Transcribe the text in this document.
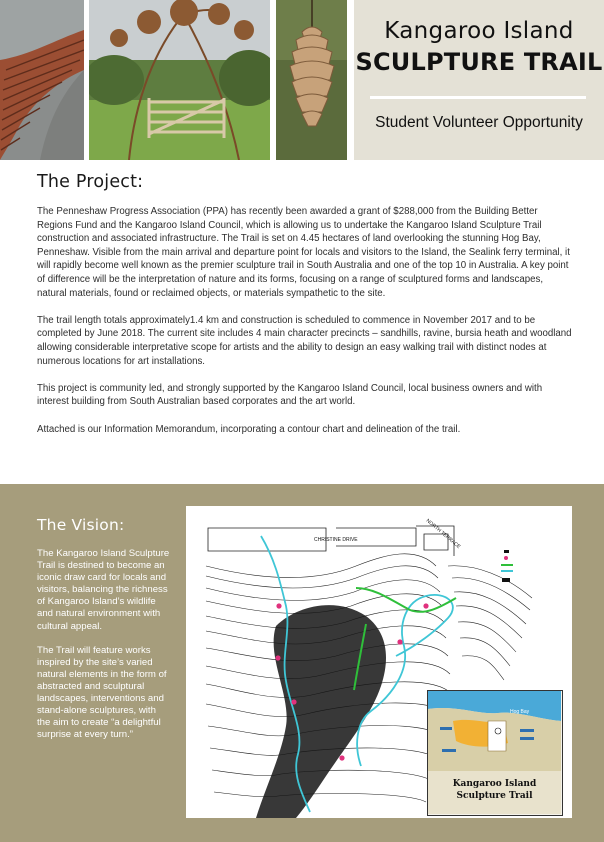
Kangaroo Island
SCULPTURE TRAIL
Student Volunteer Opportunity
The Project:

The Penneshaw Progress Association (PPA) has recently been awarded a grant of $288,000 from the Building Better Regions Fund and the Kangaroo Island Council, which is allowing us to undertake the Kangaroo Island Sculpture Trail construction and associated infrastructure. The Trail is set on 4.45 hectares of land overlooking the stunning Hog Bay, Penneshaw. Visible from the main arrival and departure point for locals and visitors to the Island, the Sealink ferry terminal, it will rapidly become well known as the premier sculpture trail in South Australia and one of the top 10 in Australia. A key point of difference will be the interpretation of nature and its forms, focusing on a range of sculptured forms and landscapes, natural materials, found or reclaimed objects, or materials sympathetic to the site.

The trail length totals approximately1.4 km and construction is scheduled to commence in November 2017 and to be completed by June 2018. The current site includes 4 main character precincts – sandhills, ravine, bursia heath and woodland allowing considerable interpretative scope for artists and the ability to design an easy walking trail with distinct nodes at numerous locations for art installations.

This project is community led, and strongly supported by the Kangaroo Island Council, local business owners and with interest building from South Australian based corporates and the art world.

Attached is our Information Memorandum, incorporating a contour chart and delineation of the trail.

The Vision:

The Kangaroo Island Sculpture Trail is destined to become an iconic draw card for locals and visitors, balancing the richness of Kangaroo Island’s wildlife and natural environment with cultural appeal.

The Trail will feature works inspired by the site’s varied natural elements in the form of abstracted and sculptural landscapes, interventions and stand-alone sculptures, with the aim to create “a delightful surprise at every turn.”

CHRISTINE DRIVE	NORTH TERRACE
Hog Bay
Kangaroo Island
Sculpture Trail
